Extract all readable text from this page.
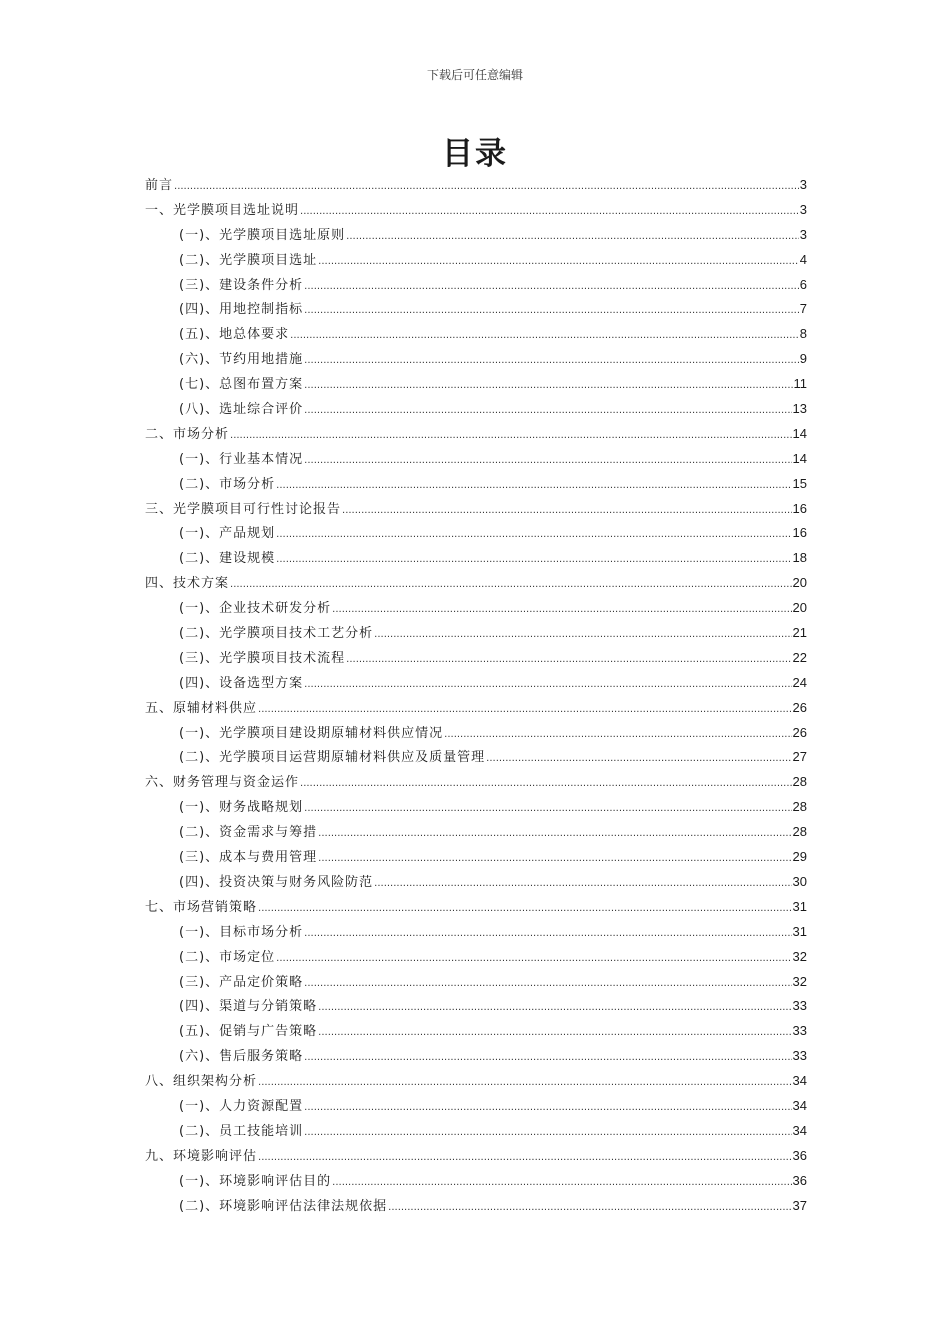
下载后可任意编辑
目录
前言 .....	3
一、光学膜项目选址说明 .....	3
(一)、光学膜项目选址原则 .....	3
(二)、光学膜项目选址 .....	4
(三)、建设条件分析 .....	6
(四)、用地控制指标 .....	7
(五)、地总体要求 .....	8
(六)、节约用地措施 .....	9
(七)、总图布置方案 .....	11
(八)、选址综合评价 .....	13
二、市场分析 .....	14
(一)、行业基本情况 .....	14
(二)、市场分析 .....	15
三、光学膜项目可行性讨论报告 .....	16
(一)、产品规划 .....	16
(二)、建设规模 .....	18
四、技术方案 .....	20
(一)、企业技术研发分析 .....	20
(二)、光学膜项目技术工艺分析 .....	21
(三)、光学膜项目技术流程 .....	22
(四)、设备选型方案 .....	24
五、原辅材料供应 .....	26
(一)、光学膜项目建设期原辅材料供应情况 .....	26
(二)、光学膜项目运营期原辅材料供应及质量管理 .....	27
六、财务管理与资金运作 .....	28
(一)、财务战略规划 .....	28
(二)、资金需求与筹措 .....	28
(三)、成本与费用管理 .....	29
(四)、投资决策与财务风险防范 .....	30
七、市场营销策略 .....	31
(一)、目标市场分析 .....	31
(二)、市场定位 .....	32
(三)、产品定价策略 .....	32
(四)、渠道与分销策略 .....	33
(五)、促销与广告策略 .....	33
(六)、售后服务策略 .....	33
八、组织架构分析 .....	34
(一)、人力资源配置 .....	34
(二)、员工技能培训 .....	34
九、环境影响评估 .....	36
(一)、环境影响评估目的 .....	36
(二)、环境影响评估法律法规依据 .....	37
